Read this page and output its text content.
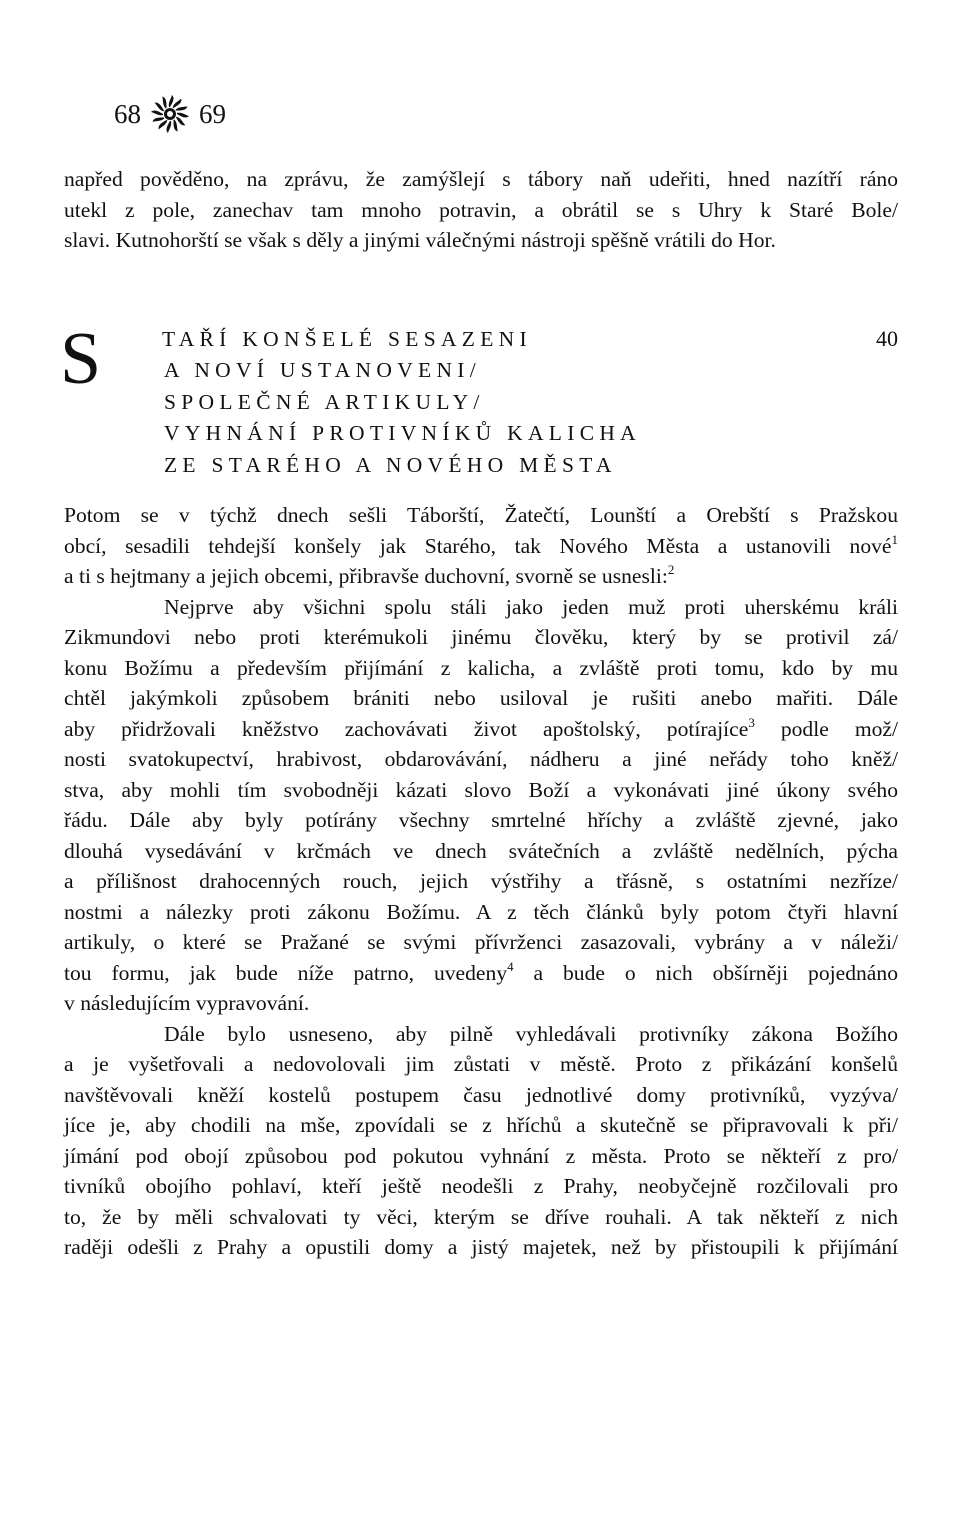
68 69
napřed pověděno, na zprávu, že zamýšlejí s tábory naň udeřiti, hned nazítří ráno
utekl z pole, zanechav tam mnoho potravin, a obrátil se s Uhry k Staré Bole/
slavi. Kutnohorští se však s děly a jinými válečnými nástroji spěšně vrátili do Hor.
S	TAŘÍ KONŠELÉ SESAZENI
A NOVÍ USTANOVENI/
SPOLEČNÉ ARTIKULY/
VYHNÁNÍ PROTIVNÍKŮ KALICHA
ZE STARÉHO A NOVÉHO MĚSTA
40
Potom se v týchž dnech sešli Táborští, Žatečtí, Lounští a Orebští s Pražskou
obcí, sesadili tehdejší konšely jak Starého, tak Nového Města a ustanovili nové$^1$
a ti s hejtmany a jejich obcemi, přibravše duchovní, svorně se usnesli:$^2$
Nejprve aby všichni spolu stáli jako jeden muž proti uherskému králi
Zikmundovi nebo proti kterémukoli jinému člověku, který by se protivil zá/
konu Božímu a především přijímání z kalicha, a zvláště proti tomu, kdo by mu
chtěl jakýmkoli způsobem brániti nebo usiloval je rušiti anebo mařiti. Dále
aby přidržovali kněžstvo zachovávati život apoštolský, potírajíce$^3$ podle mož/
nosti svatokupectví, hrabivost, obdarovávání, nádheru a jiné neřády toho kněž/
stva, aby mohli tím svobodněji kázati slovo Boží a vykonávati jiné úkony svého
řádu. Dále aby byly potírány všechny smrtelné hříchy a zvláště zjevné, jako
dlouhá vysedávání v krčmách ve dnech svátečních a zvláště nedělních, pýcha
a přílišnost drahocenných rouch, jejich výstřihy a třásně, s ostatními nezřízе/
nostmi a nálezky proti zákonu Božímu. A z těch článků byly potom čtyři hlavní
artikuly, o které se Pražané se svými přívrženci zasazovali, vybrány a v náleži/
tou formu, jak bude níže patrno, uvedeny$^4$ a bude o nich obšírněji pojednáno
v následujícím vypravování.
Dále bylo usneseno, aby pilně vyhledávali protivníky zákona Božího
a je vyšetřovali a nedovolovali jim zůstati v městě. Proto z přikázání konšelů
navštěvovali kněží kostelů postupem času jednotlivé domy protivníků, vyzýva/
jíce je, aby chodili na mše, zpovídali se z hříchů a skutečně se připravovali k při/
jímání pod obojí způsobou pod pokutou vyhnání z města. Proto se někteří z pro/
tivníků obojího pohlaví, kteří ještě neodešli z Prahy, neobyčejně rozčilovali pro
to, že by měli schvalovati ty věci, kterým se dříve rouhali. A tak někteří z nich
raději odešli z Prahy a opustili domy a jistý majetek, než by přistoupili k přijímání
